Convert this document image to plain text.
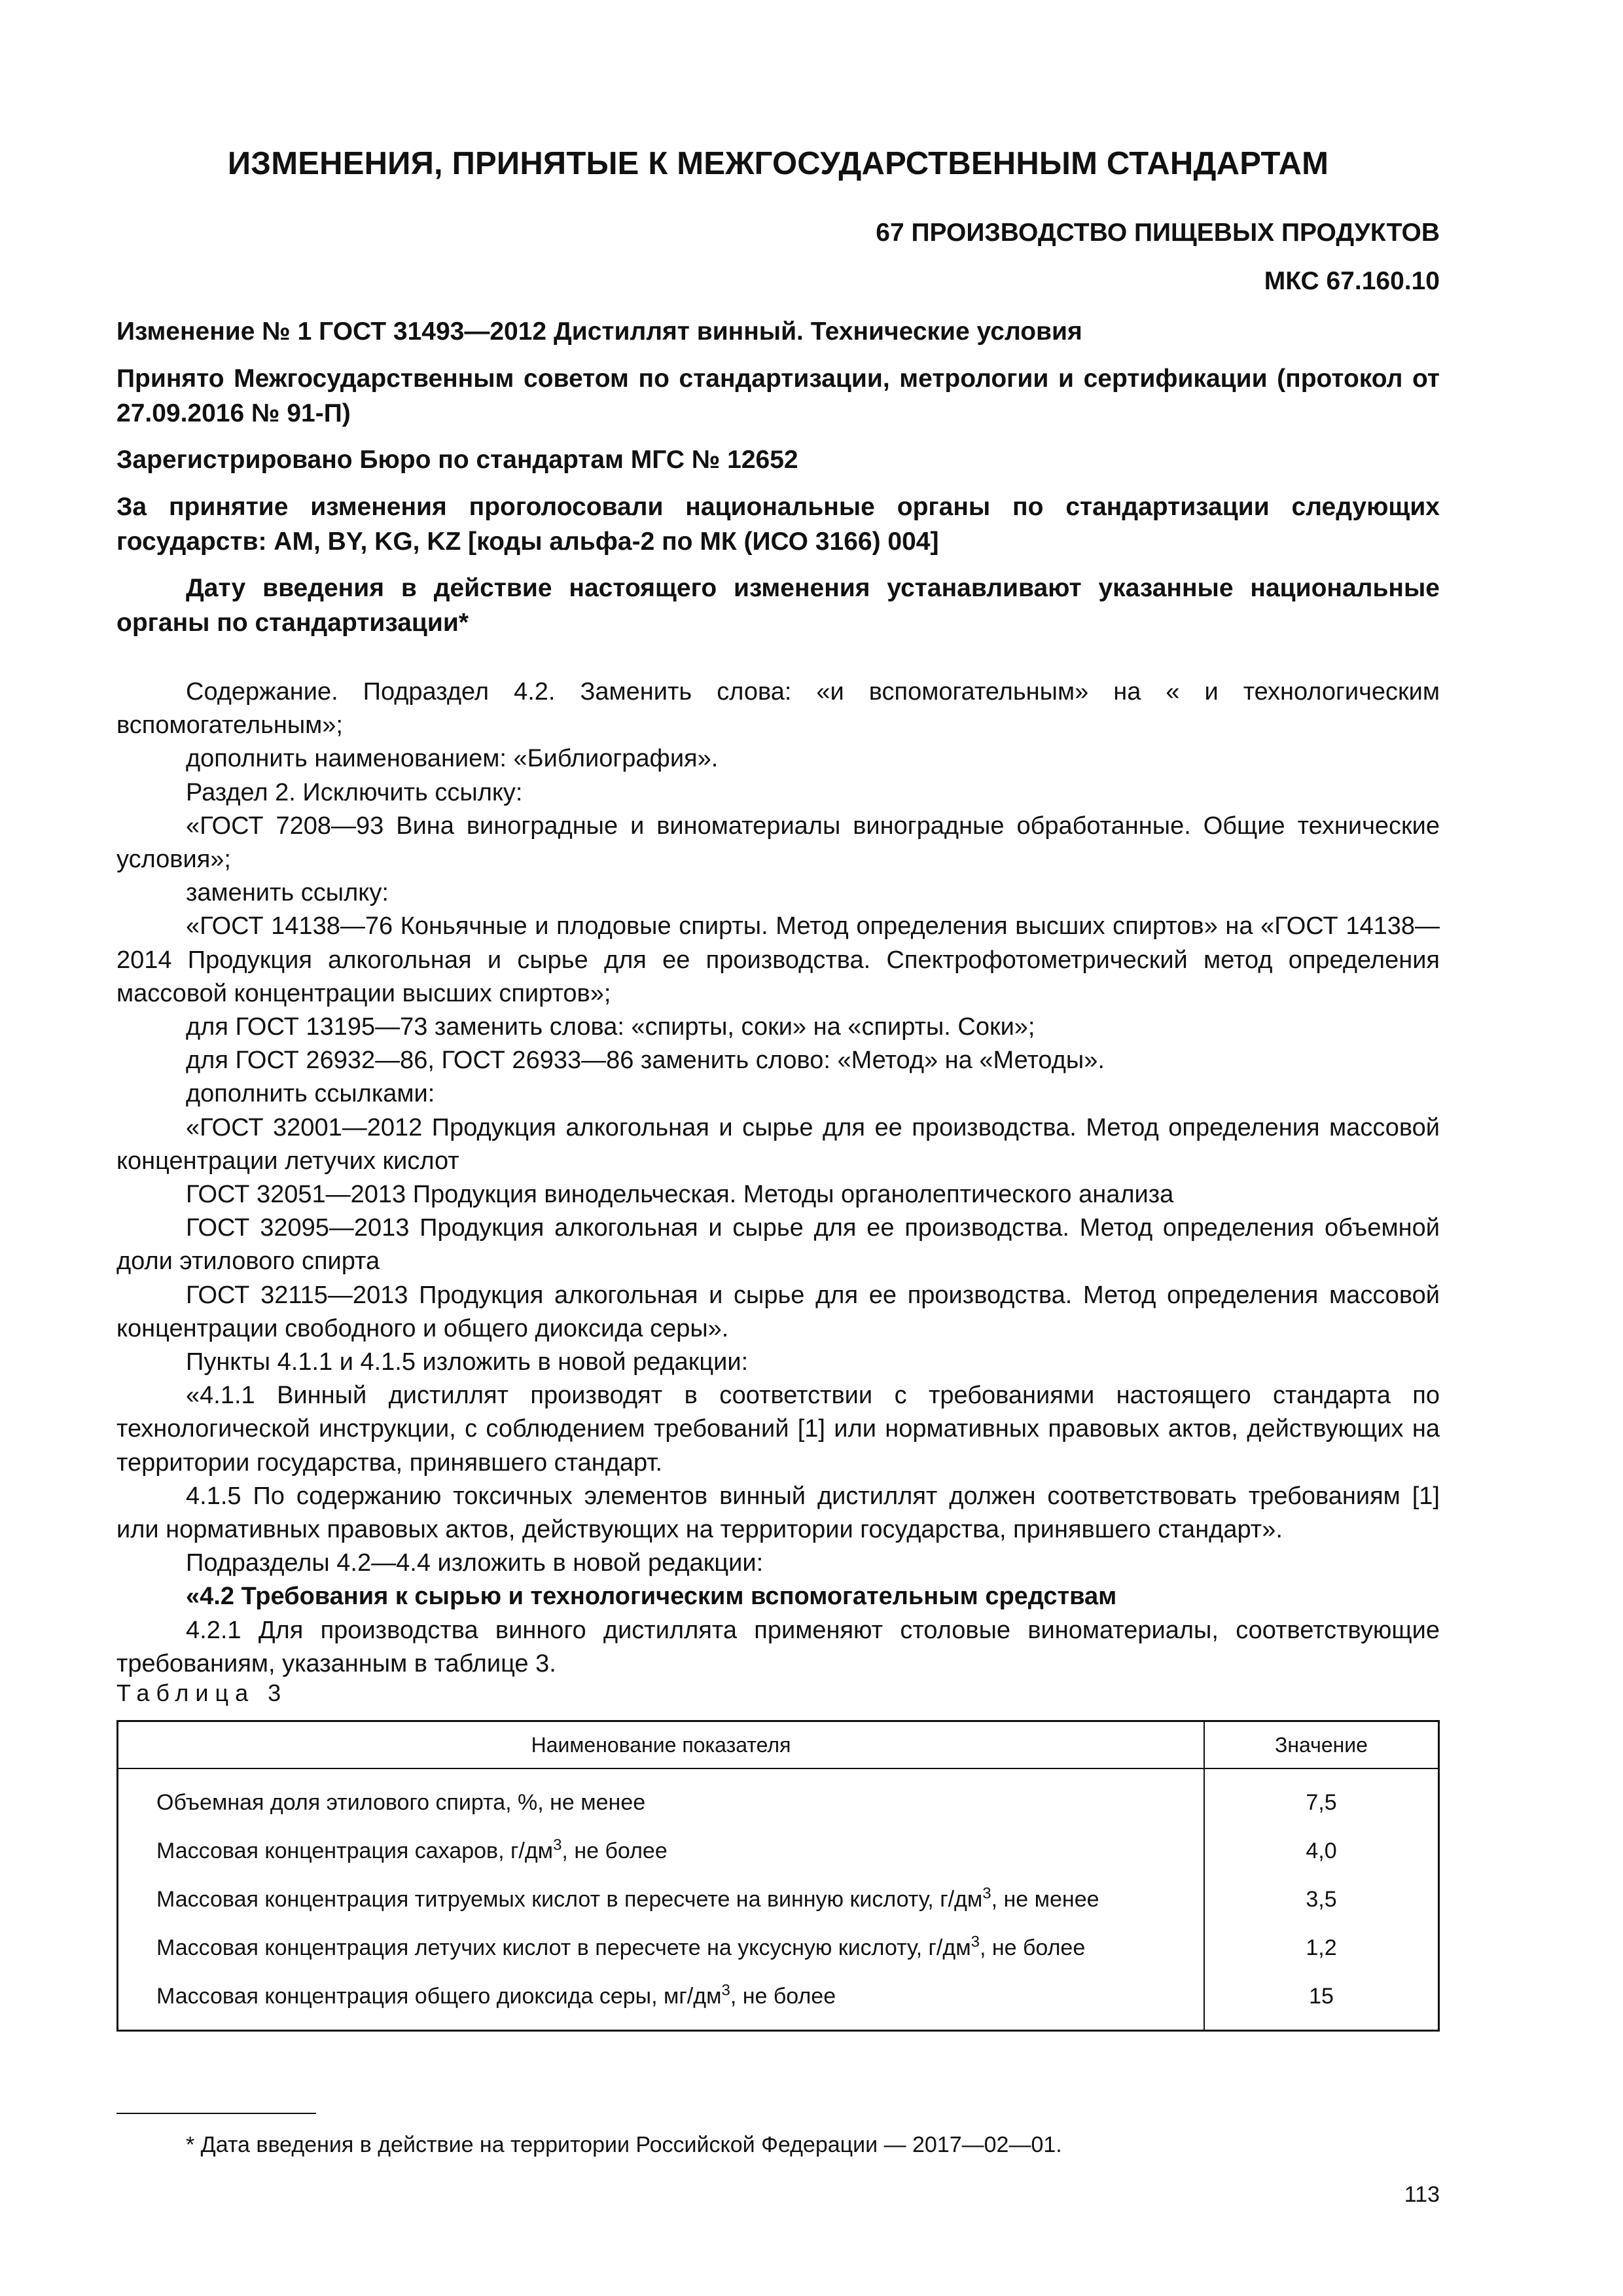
ИЗМЕНЕНИЯ, ПРИНЯТЫЕ К МЕЖГОСУДАРСТВЕННЫМ СТАНДАРТАМ
67 ПРОИЗВОДСТВО ПИЩЕВЫХ ПРОДУКТОВ
МКС 67.160.10
Изменение № 1 ГОСТ 31493—2012 Дистиллят винный. Технические условия
Принято Межгосударственным советом по стандартизации, метрологии и сертификации (протокол от 27.09.2016 № 91-П)
Зарегистрировано Бюро по стандартам МГС № 12652
За принятие изменения проголосовали национальные органы по стандартизации следующих государств: AM, BY, KG, KZ [коды альфа-2 по МК (ИСО 3166) 004]
Дату введения в действие настоящего изменения устанавливают указанные национальные органы по стандартизации*

Содержание. Подраздел 4.2. Заменить слова: «и вспомогательным» на « и технологическим вспомогательным»;

дополнить наименованием: «Библиография».

Раздел 2. Исключить ссылку:

«ГОСТ 7208—93 Вина виноградные и виноматериалы виноградные обработанные. Общие технические условия»;

заменить ссылку:

«ГОСТ 14138—76 Коньячные и плодовые спирты. Метод определения высших спиртов» на «ГОСТ 14138—2014 Продукция алкогольная и сырье для ее производства. Спектрофотометрический метод определения массовой концентрации высших спиртов»;

для ГОСТ 13195—73 заменить слова: «спирты, соки» на «спирты. Соки»;

для ГОСТ 26932—86, ГОСТ 26933—86 заменить слово: «Метод» на «Методы».

дополнить ссылками:

«ГОСТ 32001—2012 Продукция алкогольная и сырье для ее производства. Метод определения массовой концентрации летучих кислот

ГОСТ 32051—2013 Продукция винодельческая. Методы органолептического анализа

ГОСТ 32095—2013 Продукция алкогольная и сырье для ее производства. Метод определения объемной доли этилового спирта

ГОСТ 32115—2013 Продукция алкогольная и сырье для ее производства. Метод определения массовой концентрации свободного и общего диоксида серы».

Пункты 4.1.1 и 4.1.5 изложить в новой редакции:

«4.1.1 Винный дистиллят производят в соответствии с требованиями настоящего стандарта по технологической инструкции, с соблюдением требований [1] или нормативных правовых актов, действующих на территории государства, принявшего стандарт.

4.1.5 По содержанию токсичных элементов винный дистиллят должен соответствовать требованиям [1] или нормативных правовых актов, действующих на территории государства, принявшего стандарт».

Подразделы 4.2—4.4 изложить в новой редакции:

«4.2 Требования к сырью и технологическим вспомогательным средствам

4.2.1 Для производства винного дистиллята применяют столовые виноматериалы, соответствующие требованиям, указанным в таблице 3.

Таблица 3
Наименование показателя	Значение
Объемная доля этилового спирта, %, не менее	7,5
Массовая концентрация сахаров, $г/дм^3$, не более	4,0
Массовая концентрация титруемых кислот в пересчете на винную кислоту, $г/дм^3$, не менее	3,5
Массовая концентрация летучих кислот в пересчете на уксусную кислоту, $г/дм^3$, не более	1,2
Массовая концентрация общего диоксида серы, $мг/дм^3$, не более	15
* Дата введения в действие на территории Российской Федерации — 2017—02—01.
113
